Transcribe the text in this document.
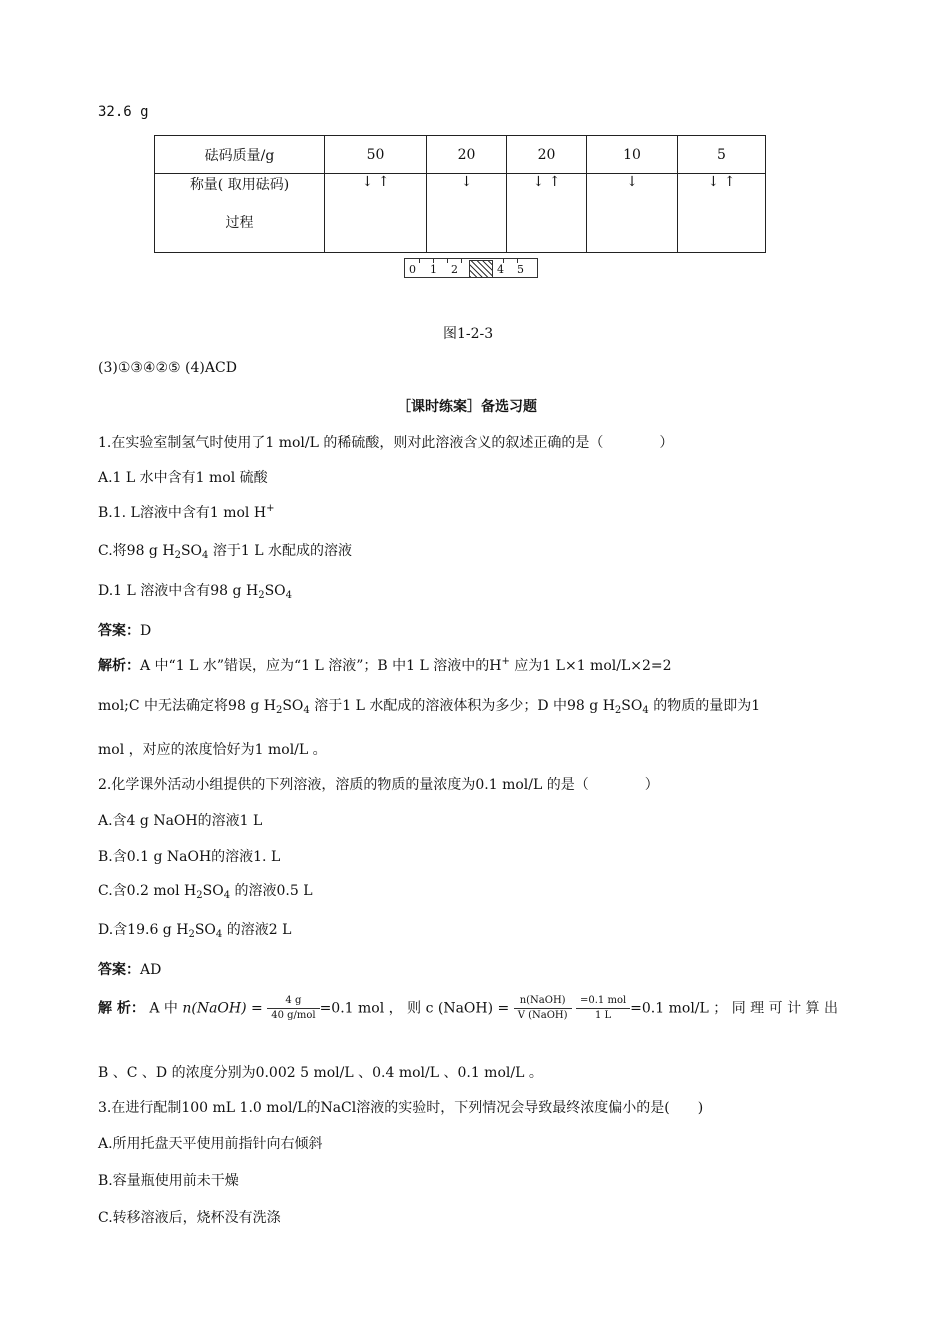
32.6 g
砝码质量/g	50	20	20	10	5

称量( 取用砝码)
过程	↓ ↑	↓	↓ ↑	↓	↓ ↑
0 1 2	4 5
图1-2-3
(3)①③④②⑤ (4)ACD
［课时练案］备选习题
1.在实验室制氢气时使用了1 mol/L 的稀硫酸，则对此溶液含义的叙述正确的是（　　　　）
A.1 L 水中含有1 mol 硫酸
B.1. L溶液中含有1 mol H+
C.将98 g $H_2SO_4$ 溶于1 L 水配成的溶液
D.1 L 溶液中含有98 g $H_2SO_4$
答案：D
解析：A 中“1 L 水”错误，应为“1 L 溶液”；B 中1 L 溶液中的H+ 应为1 L×1 mol/L×2=2
mol;C 中无法确定将98 g $H_2SO_4$ 溶于1 L 水配成的溶液体积为多少；D 中98 g $H_2SO_4$ 的物质的量即为1
mol ，对应的浓度恰好为1 mol/L 。
2.化学课外活动小组提供的下列溶液，溶质的物质的量浓度为0.1 mol/L 的是（　　　　）
A.含4 g NaOH的溶液1 L
B.含0.1 g NaOH的溶液1. L
C.含0.2 mol $H_2SO_4$ 的溶液0.5 L
D.含19.6 g $H_2SO_4$ 的溶液2 L
答案：AD
解 析： A 中 n(NaOH) = $\frac{4 g}{\text{40 g/mol}} =0.1$ mol ， 则 c (NaOH) = $\frac{\text{n(NaOH)}}{\text{V (NaOH)}}$
$\frac{\text{=0.1 mol}}{1 L} =0.1$ mol/L ； 同 理 可 计 算 出
B 、C 、D 的浓度分别为0.002 5 mol/L 、0.4 mol/L 、0.1 mol/L 。
3.在进行配制100 mL 1.0 mol/L的NaCl溶液的实验时，下列情况会导致最终浓度偏小的是(　　)
A.所用托盘天平使用前指针向右倾斜
B.容量瓶使用前未干燥
C.转移溶液后，烧杯没有洗涤
